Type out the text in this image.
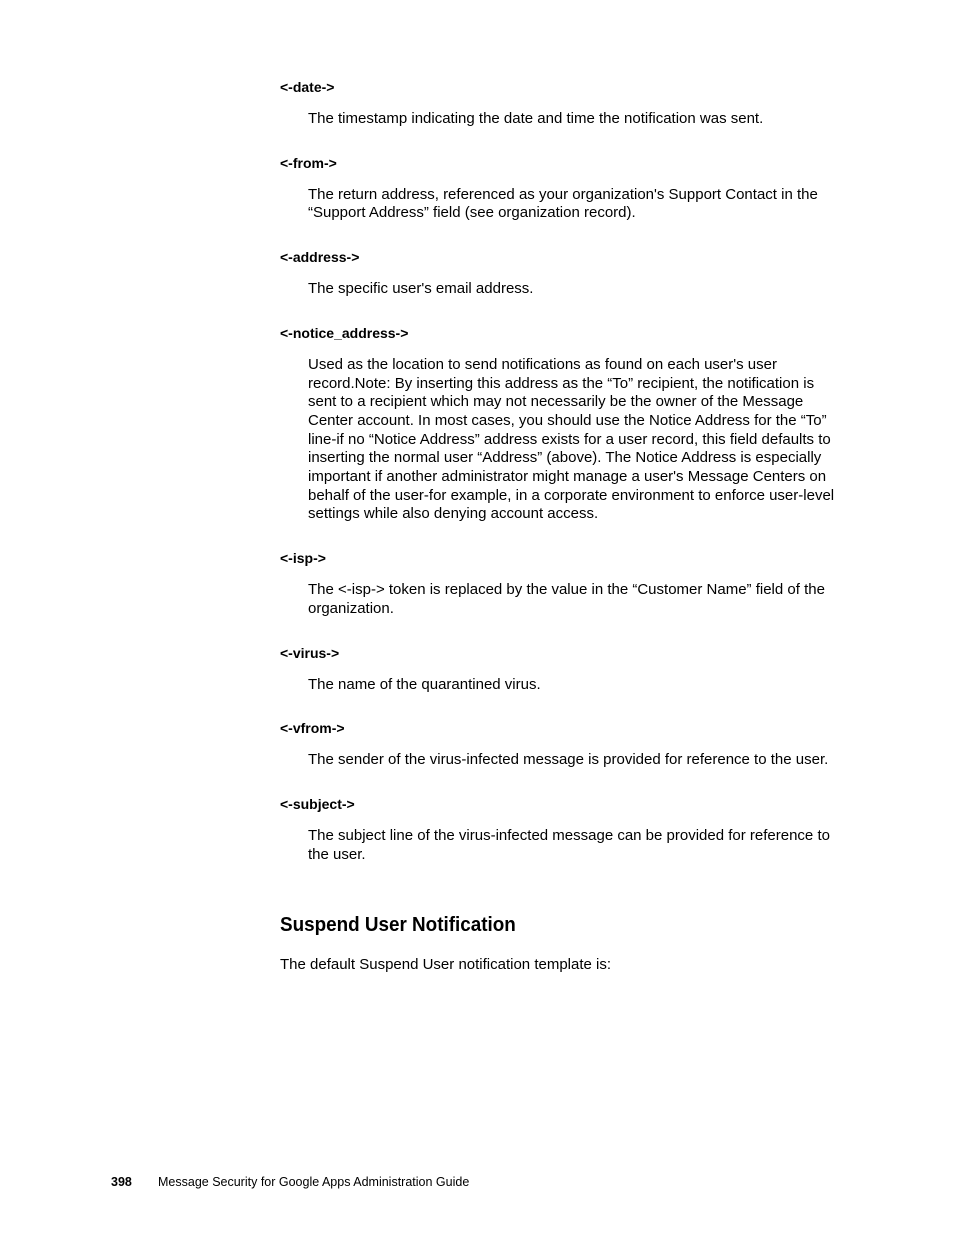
<-date->

The timestamp indicating the date and time the notification was sent.

<-from->

The return address, referenced as your organization's Support Contact in the “Support Address” field (see organization record).

<-address->

The specific user's email address.

<-notice_address->

Used as the location to send notifications as found on each user's user record.Note: By inserting this address as the “To” recipient, the notification is sent to a recipient which may not necessarily be the owner of the Message Center account. In most cases, you should use the Notice Address for the “To” line-if no “Notice Address” address exists for a user record, this field defaults to inserting the normal user “Address” (above). The Notice Address is especially important if another administrator might manage a user's Message Centers on behalf of the user-for example, in a corporate environment to enforce user-level settings while also denying account access.

<-isp->

The <-isp-> token is replaced by the value in the “Customer Name” field of the organization.

<-virus->

The name of the quarantined virus.

<-vfrom->

The sender of the virus-infected message is provided for reference to the user.

<-subject->

The subject line of the virus-infected message can be provided for reference to the user.

Suspend User Notification

The default Suspend User notification template is:

398 Message Security for Google Apps Administration Guide
